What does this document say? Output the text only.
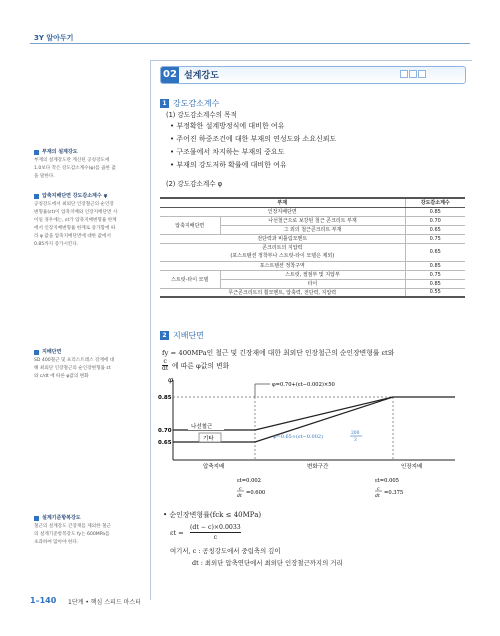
3Y 알아두기
부재의 설계강도
부재의 설계강도란 계산된 공칭강도에
1.0보다 작은 강도감소계수(φ)를 곱한 값
을 말한다.
압축지배단면 강도감소계수 φ
공칭강도에서 최외단 인장철근의 순인장
변형률(εt)이 압축지배와 인장지배단면 사
이일 경우에는, εt가 압축지배변형률 한계
에서 인장지배변형률 한계로 증가함에 따
라 φ 값을 압축지배단면에 대한 값에서
0.85까지 증가시킨다.
지배단면
SD 400철근 및 프리스트레스 강재에 대
해 최외단 인장철근의 순인장변형률 εt
와 c/dt 에 따른 φ값의 변화
설계기준항복강도
철근의 설계강도 긴장재를 제외한 철근
의 설계기준항복강도 fy는 600MPa를
초과하여 않아야 한다.
02 설계강도
1 강도감소계수
(1) 강도감소계수의 목적
• 부정확한 설계방정식에 대비한 여유
• 주어진 하중조건에 대한 부재의 연성도와 소요신뢰도
• 구조물에서 차지하는 부재의 중요도
• 부재의 강도저하 확률에 대비한 여유
(2) 강도감소계수 φ
부재		강도감소계수
인장지배단면		0.85
압축지배단면	나선철근으로 보강된 철근 콘크리트 부재	0.70
	그 외의 철근콘크리트 부재	0.65
전단력과 비틀림모멘트		0.75
콘크리트의 지압력
(포스트텐션 정착부나 스트럿-타이 모델은 제외)		0.65
포스트텐션 정착구역		0.85
스트럿-타이 모델	스트럿, 절점부 및 지압부	0.75
	타이	0.85
무근콘크리트의 휨모멘트, 압축력, 전단력, 지압력		0.55
2 지배단면
fy = 400MPa인 철근 및 긴장재에 대한 최외단 인장철근의 순인장변형률 εt와
$\frac{c}{dt}$ 에 따른 φ값의 변화
φ
0.85
0.70
0.65
φ=0.70+(εt−0.002)×50
φ=0.65+(εt−0.002)
200
3
나선철근
기타
압축지배	변화구간	인장지배
εt=0.002	εt=0.005
c
dt
=0.600
c
dt
=0.375
• 순인장변형률(fck ≤ 40MPa)
$\varepsilon t = \frac{(dt - c)\times 0.0033}{c}$
여기서, c : 공칭강도에서 중립축의 깊이
dt : 최외단 압축연단에서 최외단 인장철근까지의 거리
1–140 1단계 • 핵심 스피드 마스터
